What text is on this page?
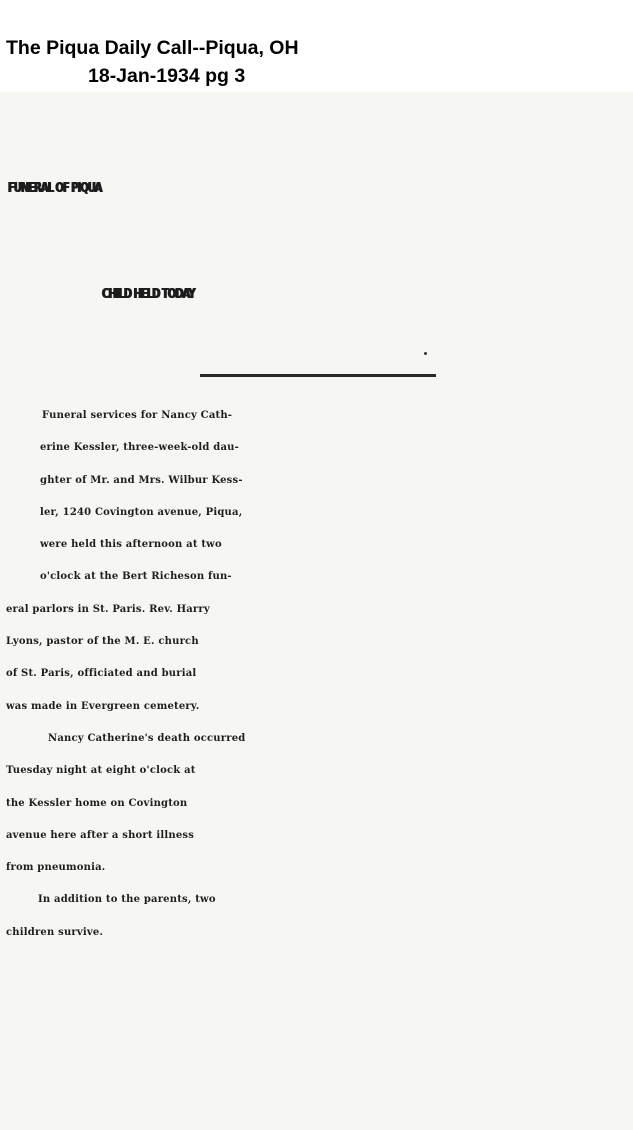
The Piqua Daily Call--Piqua, OH
18-Jan-1934 pg 3
FUNERAL OF PIQUA
CHILD HELD TODAY
Funeral services for Nancy Cath-
erine Kessler, three-week-old dau-
ghter of Mr. and Mrs. Wilbur Kess-
ler, 1240 Covington avenue, Piqua,
were held this afternoon at two
o'clock at the Bert Richeson fun-
eral parlors in St. Paris. Rev. Harry
Lyons, pastor of the M. E. church
of St. Paris, officiated and burial
was made in Evergreen cemetery.
Nancy Catherine's death occurred
Tuesday night at eight o'clock at
the Kessler home on Covington
avenue here after a short illness
from pneumonia.
In addition to the parents, two
children survive.
